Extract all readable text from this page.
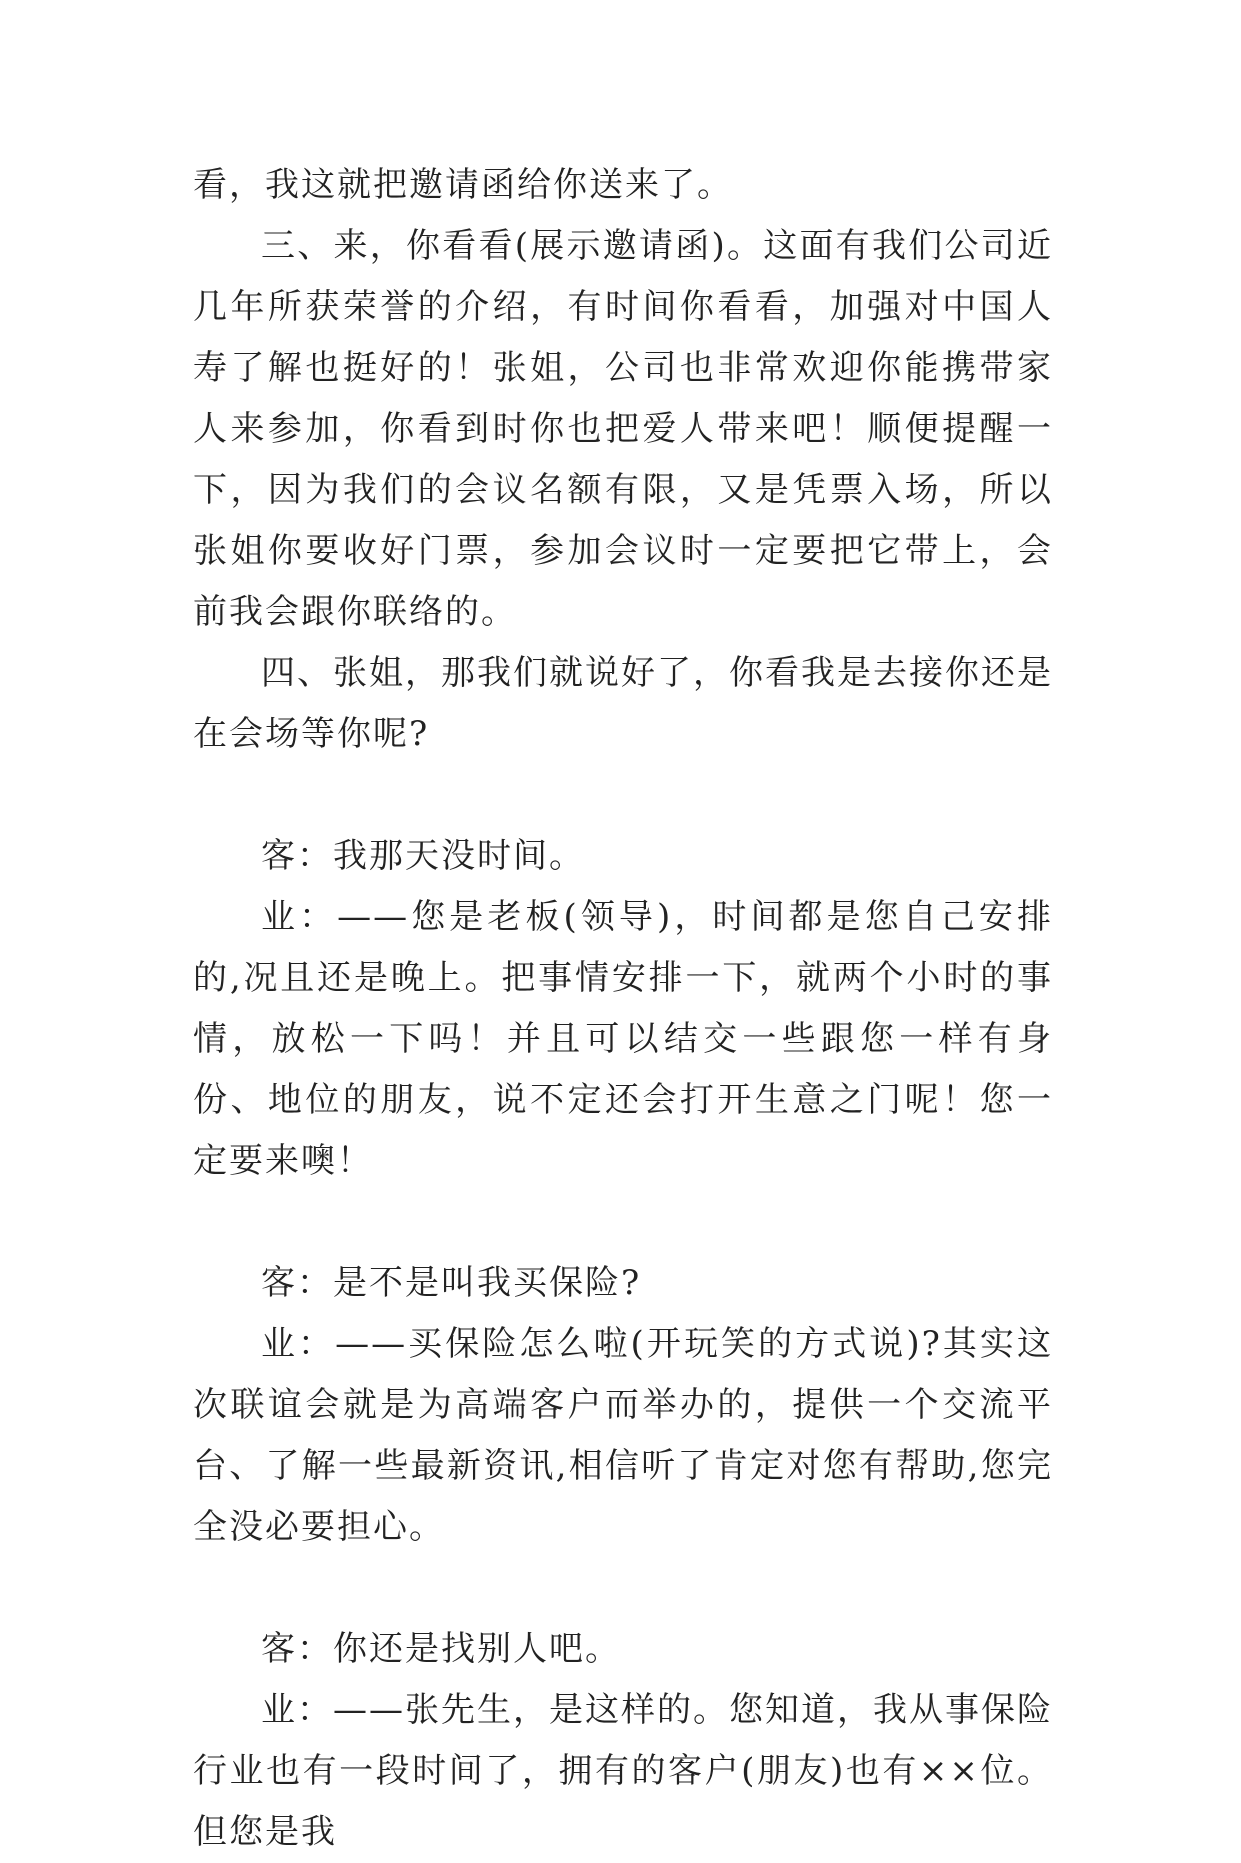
看，我这就把邀请函给你送来了。

三、来，你看看(展示邀请函)。这面有我们公司近几年所获荣誉的介绍，有时间你看看，加强对中国人寿了解也挺好的！张姐，公司也非常欢迎你能携带家人来参加，你看到时你也把爱人带来吧！顺便提醒一下，因为我们的会议名额有限，又是凭票入场，所以张姐你要收好门票，参加会议时一定要把它带上，会前我会跟你联络的。

四、张姐，那我们就说好了，你看我是去接你还是在会场等你呢?

客：我那天没时间。

业：——您是老板(领导)，时间都是您自己安排的,况且还是晚上。把事情安排一下，就两个小时的事情，放松一下吗！并且可以结交一些跟您一样有身份、地位的朋友，说不定还会打开生意之门呢！您一定要来噢！

客：是不是叫我买保险?

业：——买保险怎么啦(开玩笑的方式说)?其实这次联谊会就是为高端客户而举办的，提供一个交流平台、了解一些最新资讯,相信听了肯定对您有帮助,您完全没必要担心。

客：你还是找别人吧。

业：——张先生，是这样的。您知道，我从事保险行业也有一段时间了，拥有的客户(朋友)也有××位。但您是我
